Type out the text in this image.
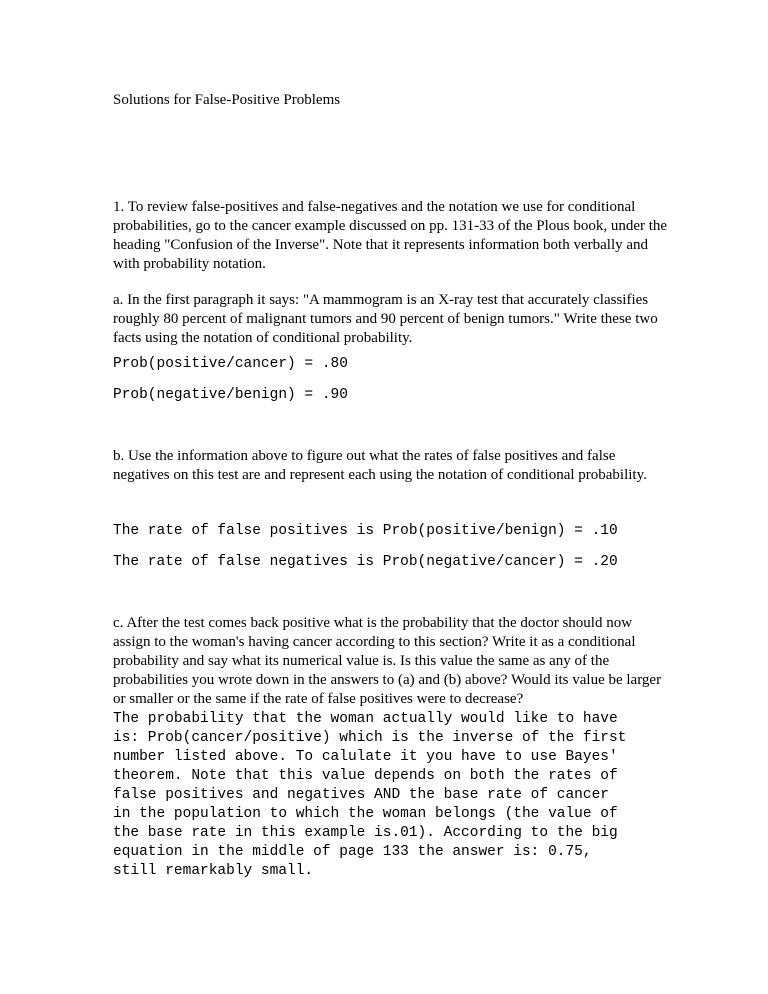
Solutions for False-Positive Problems

1. To review false-positives and false-negatives and the notation we use for conditional probabilities, go to the cancer example discussed on pp. 131-33 of the Plous book, under the heading "Confusion of the Inverse". Note that it represents information both verbally and with probability notation.

a. In the first paragraph it says: "A mammogram is an X-ray test that accurately classifies roughly 80 percent of malignant tumors and 90 percent of benign tumors." Write these two facts using the notation of conditional probability.

Prob(positive/cancer) = .80

Prob(negative/benign) = .90

b. Use the information above to figure out what the rates of false positives and false negatives on this test are and represent each using the notation of conditional probability.

The rate of false positives is Prob(positive/benign) = .10

The rate of false negatives is Prob(negative/cancer) = .20

c. After the test comes back positive what is the probability that the doctor should now assign to the woman's having cancer according to this section? Write it as a conditional probability and say what its numerical value is. Is this value the same as any of the probabilities you wrote down in the answers to (a) and (b) above? Would its value be larger or smaller or the same if the rate of false positives were to decrease?

The probability that the woman actually would like to have
is: Prob(cancer/positive) which is the inverse of the first
number listed above. To calulate it you have to use Bayes'
theorem. Note that this value depends on both the rates of
false positives and negatives AND the base rate of cancer
in the population to which the woman belongs (the value of
the base rate in this example is.01). According to the big
equation in the middle of page 133 the answer is: 0.75,
still remarkably small.
